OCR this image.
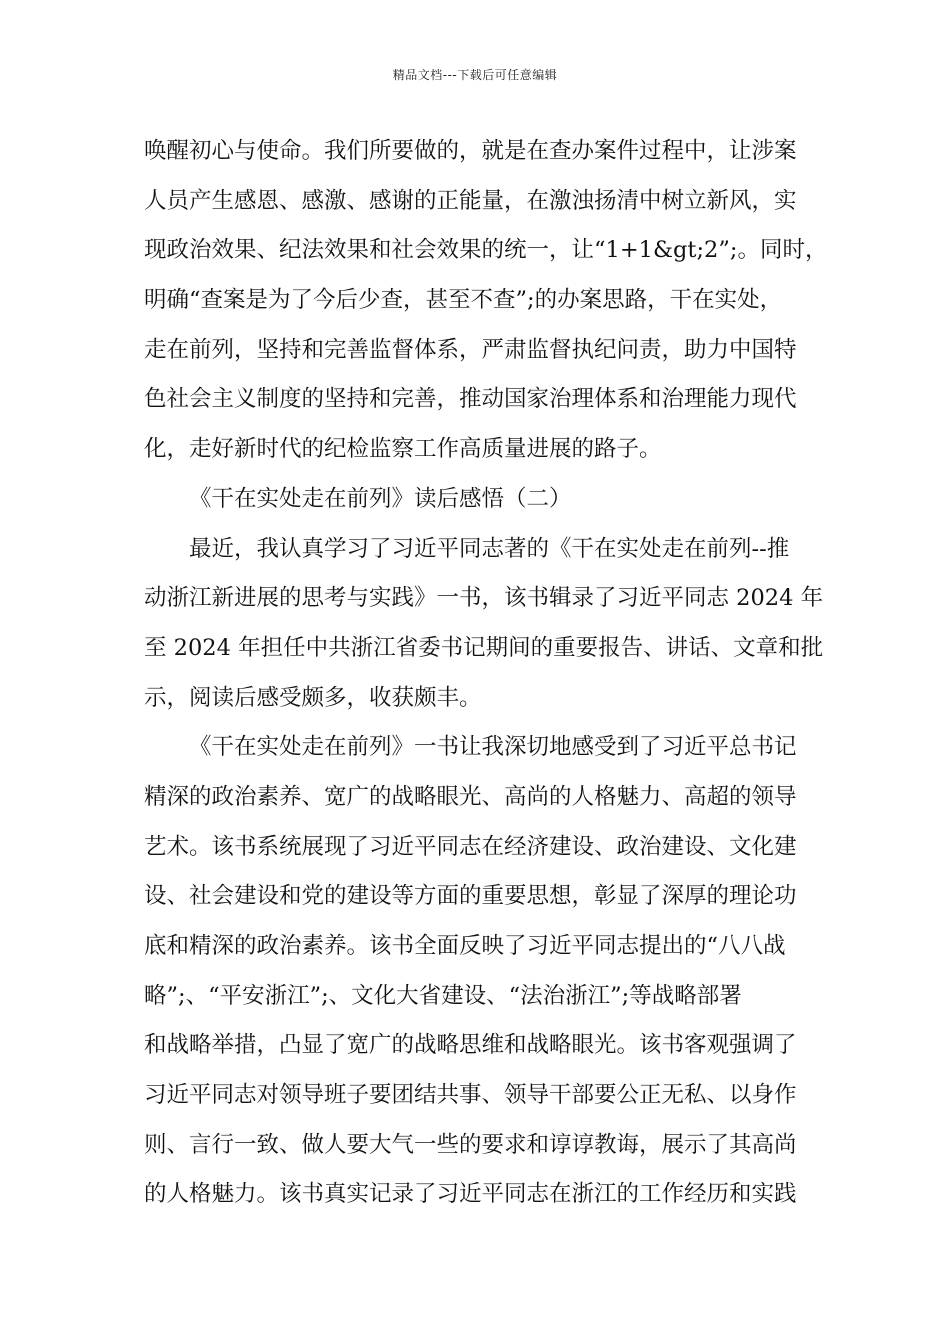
精品文档---下载后可任意编辑
唤醒初心与使命。我们所要做的，就是在查办案件过程中，让涉案
人员产生感恩、感激、感谢的正能量，在激浊扬清中树立新风，实
现政治效果、纪法效果和社会效果的统一，让“1+1&gt;2”;。同时，
明确“查案是为了今后少查，甚至不查”;的办案思路，干在实处，
走在前列，坚持和完善监督体系，严肃监督执纪问责，助力中国特
色社会主义制度的坚持和完善，推动国家治理体系和治理能力现代
化，走好新时代的纪检监察工作高质量进展的路子。
《干在实处走在前列》读后感悟（二）
最近，我认真学习了习近平同志著的《干在实处走在前列--推
动浙江新进展的思考与实践》一书，该书辑录了习近平同志 2024 年
至 2024 年担任中共浙江省委书记期间的重要报告、讲话、文章和批
示，阅读后感受颇多，收获颇丰。
《干在实处走在前列》一书让我深切地感受到了习近平总书记
精深的政治素养、宽广的战略眼光、高尚的人格魅力、高超的领导
艺术。该书系统展现了习近平同志在经济建设、政治建设、文化建
设、社会建设和党的建设等方面的重要思想，彰显了深厚的理论功
底和精深的政治素养。该书全面反映了习近平同志提出的“八八战
略”;、“平安浙江”;、文化大省建设、“法治浙江”;等战略部署
和战略举措，凸显了宽广的战略思维和战略眼光。该书客观强调了
习近平同志对领导班子要团结共事、领导干部要公正无私、以身作
则、言行一致、做人要大气一些的要求和谆谆教诲，展示了其高尚
的人格魅力。该书真实记录了习近平同志在浙江的工作经历和实践
